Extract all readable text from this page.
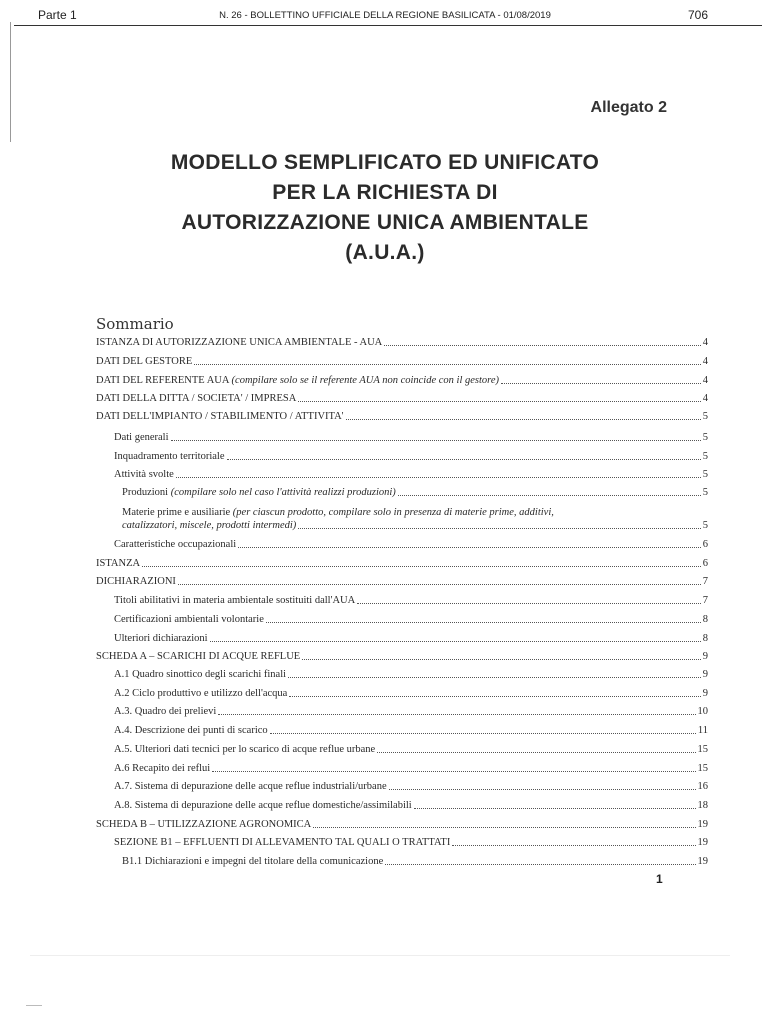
Parte 1	N. 26 - BOLLETTINO UFFICIALE DELLA REGIONE BASILICATA - 01/08/2019	706
Allegato 2
MODELLO SEMPLIFICATO ED UNIFICATO
PER LA RICHIESTA DI
AUTORIZZAZIONE UNICA AMBIENTALE
(A.U.A.)
Sommario
ISTANZA DI AUTORIZZAZIONE UNICA AMBIENTALE - AUA	4
DATI DEL GESTORE	4
DATI DEL REFERENTE AUA (compilare solo se il referente AUA non coincide con il gestore)	4
DATI DELLA DITTA / SOCIETA' / IMPRESA	4
DATI DELL'IMPIANTO / STABILIMENTO / ATTIVITA'	5
Dati generali	5
Inquadramento territoriale	5
Attività svolte	5
Produzioni (compilare solo nel caso l'attività realizzi produzioni)	5
Materie prime e ausiliarie (per ciascun prodotto, compilare solo in presenza di materie prime, additivi,
catalizzatori, miscele, prodotti intermedi)	5
Caratteristiche occupazionali	6
ISTANZA	6
DICHIARAZIONI	7
Titoli abilitativi in materia ambientale sostituiti dall'AUA	7
Certificazioni ambientali volontarie	8
Ulteriori dichiarazioni	8
SCHEDA A – SCARICHI DI ACQUE REFLUE	9
A.1 Quadro sinottico degli scarichi finali	9
A.2 Ciclo produttivo e utilizzo dell'acqua	9
A.3. Quadro dei prelievi	10
A.4. Descrizione dei punti di scarico	11
A.5. Ulteriori dati tecnici per lo scarico di acque reflue urbane	15
A.6 Recapito dei reflui	15
A.7. Sistema di depurazione delle acque reflue industriali/urbane	16
A.8. Sistema di depurazione delle acque reflue domestiche/assimilabili	18
SCHEDA B – UTILIZZAZIONE AGRONOMICA	19
SEZIONE B1 – EFFLUENTI DI ALLEVAMENTO TAL QUALI O TRATTATI	19
B1.1 Dichiarazioni e impegni del titolare della comunicazione	19
1
